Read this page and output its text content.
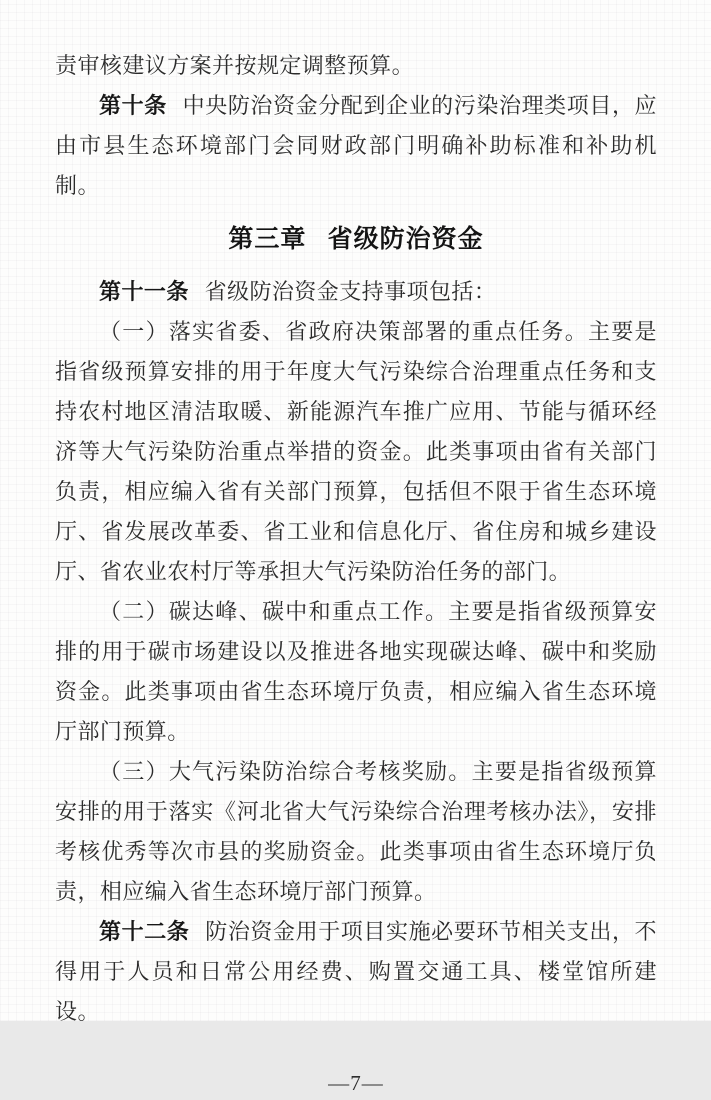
责审核建议方案并按规定调整预算。

第十条 中央防治资金分配到企业的污染治理类项目，应由市县生态环境部门会同财政部门明确补助标准和补助机制。

第三章 省级防治资金

第十一条 省级防治资金支持事项包括：

（一）落实省委、省政府决策部署的重点任务。主要是指省级预算安排的用于年度大气污染综合治理重点任务和支持农村地区清洁取暖、新能源汽车推广应用、节能与循环经济等大气污染防治重点举措的资金。此类事项由省有关部门负责，相应编入省有关部门预算，包括但不限于省生态环境厅、省发展改革委、省工业和信息化厅、省住房和城乡建设厅、省农业农村厅等承担大气污染防治任务的部门。

（二）碳达峰、碳中和重点工作。主要是指省级预算安排的用于碳市场建设以及推进各地实现碳达峰、碳中和奖励资金。此类事项由省生态环境厅负责，相应编入省生态环境厅部门预算。

（三）大气污染防治综合考核奖励。主要是指省级预算安排的用于落实《河北省大气污染综合治理考核办法》，安排考核优秀等次市县的奖励资金。此类事项由省生态环境厅负责，相应编入省生态环境厅部门预算。

第十二条 防治资金用于项目实施必要环节相关支出，不得用于人员和日常公用经费、购置交通工具、楼堂馆所建设。

—7—
